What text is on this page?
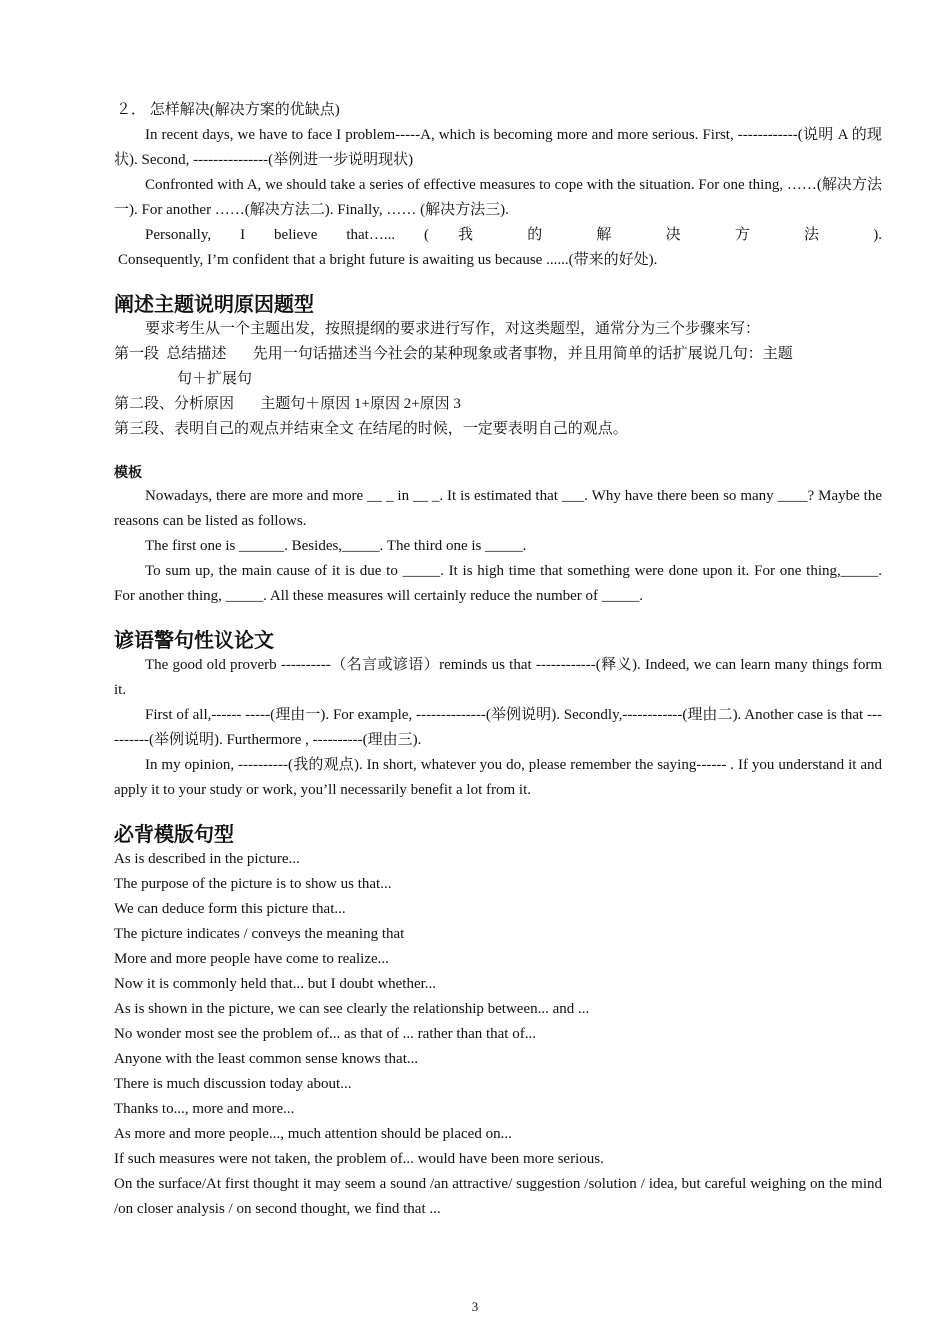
２． 怎样解决(解决方案的优缺点)

In recent days, we have to face I problem-----A, which is becoming more and more serious. First, ------------(说明 A 的现状). Second, ---------------(举例进一步说明现状)

Confronted with A, we should take a series of effective measures to cope with the situation. For one thing, ……(解决方法一). For another ……(解决方法二). Finally, …… (解决方法三).

Personally, I believe that…... ( 我 的 解 决 方 法 ).

Consequently, I’m confident that a bright future is awaiting us because ......(带来的好处).

阐述主题说明原因题型

要求考生从一个主题出发，按照提纲的要求进行写作，对这类题型，通常分为三个步骤来写：

第一段  总结描述 先用一句话描述当今社会的某种现象或者事物，并且用简单的话扩展说几句：主题

句＋扩展句

第二段、分析原因 主题句＋原因 1+原因 2+原因 3

第三段、表明自己的观点并结束全文 在结尾的时候，一定要表明自己的观点。

模板

Nowadays, there are more and more __ _ in __ _. It is estimated that ___. Why have there been so many ____? Maybe the reasons can be listed as follows.

The first one is ______. Besides,_____. The third one is _____.

To sum up, the main cause of it is due to _____. It is high time that something were done upon it. For one thing,_____. For another thing, _____. All these measures will certainly reduce the number of _____.

谚语警句性议论文

The good old proverb ----------（名言或谚语）reminds us that ------------(释义). Indeed, we can learn many things form it.

First of all,------ -----(理由一). For example, --------------(举例说明). Secondly,------------(理由二). Another case is that ----------(举例说明). Furthermore , ----------(理由三).

In my opinion, ----------(我的观点). In short, whatever you do, please remember the saying------ . If you understand it and apply it to your study or work, you’ll necessarily benefit a lot from it.

必背模版句型

As is described in the picture...

The purpose of the picture is to show us that...

We can deduce form this picture that...

The picture indicates / conveys the meaning that

More and more people have come to realize...

Now it is commonly held that... but I doubt whether...

As is shown in the picture, we can see clearly the relationship between... and ...

No wonder most see the problem of... as that of ... rather than that of...

Anyone with the least common sense knows that...

There is much discussion today about...

Thanks to..., more and more...

As more and more people..., much attention should be placed on...

If such measures were not taken, the problem of... would have been more serious.

On the surface/At first thought it may seem a sound /an attractive/ suggestion /solution / idea, but careful weighing on the mind /on closer analysis / on second thought, we find that ...

3
